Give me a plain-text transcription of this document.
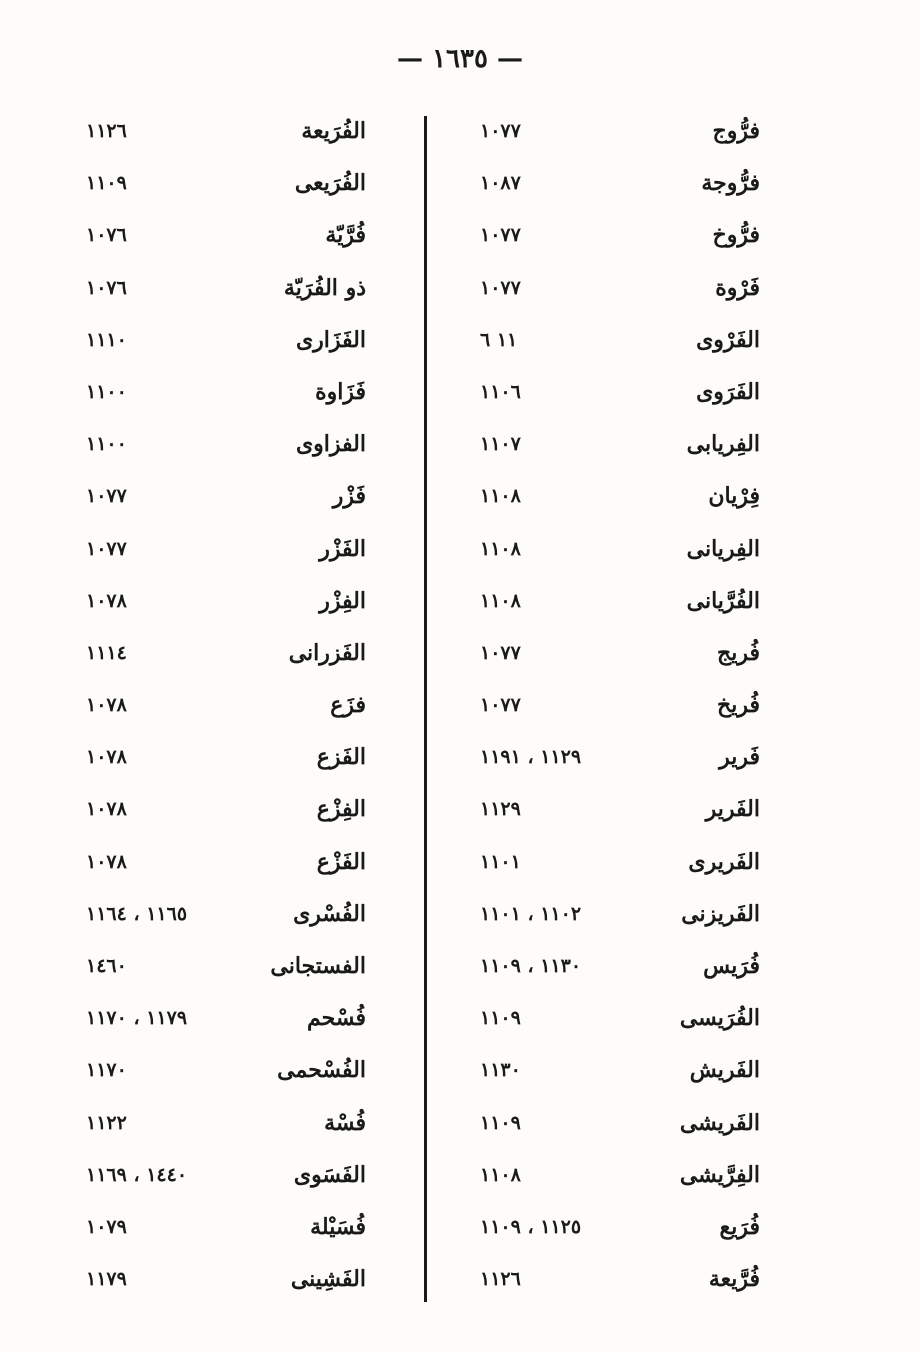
— ١٦٣٥ —
فرُّوج
١٠٧٧
فرُّوجة
١٠٨٧
فرُّوخ
١٠٧٧
فَرْوة
١٠٧٧
الفَرْوى
١١ ٦
الفَرَوى
١١٠٦
الفِريابى
١١٠٧
فِرْيان
١١٠٨
الفِريانى
١١٠٨
الفُرَّيانى
١١٠٨
فُريج
١٠٧٧
فُريخ
١٠٧٧
فَرير
١١٢٩ ، ١١٩١
الفَرير
١١٢٩
الفَريرى
١١٠١
الفَريزنى
١١٠٢ ، ١١٠١
فُرَيس
١١٣٠ ، ١١٠٩
الفُرَيسى
١١٠٩
الفَريش
١١٣٠
الفَريشى
١١٠٩
الفِرَّيشى
١١٠٨
فُرَيع
١١٢٥ ، ١١٠٩
فُرَّيعة
١١٢٦
الفُرَيعة
١١٢٦
الفُرَيعى
١١٠٩
فُرَّيّة
١٠٧٦
ذو الفُرَيّة
١٠٧٦
الفَزَارى
١١١٠
فَزَاوة
١١٠٠
الفزاوى
١١٠٠
فَزْر
١٠٧٧
الفَزْر
١٠٧٧
الفِزْر
١٠٧٨
الفَزرانى
١١١٤
فزَع
١٠٧٨
الفَزع
١٠٧٨
الفِزْع
١٠٧٨
الفَزْع
١٠٧٨
الفُسْرى
١١٦٥ ، ١١٦٤
الفستجانى
١٤٦٠
فُسْحم
١١٧٩ ، ١١٧٠
الفُسْحمى
١١٧٠
فُسْة
١١٢٢
الفَسَوى
١٤٤٠ ، ١١٦٩
فُسَيْلة
١٠٧٩
الفَشِينى
١١٧٩
